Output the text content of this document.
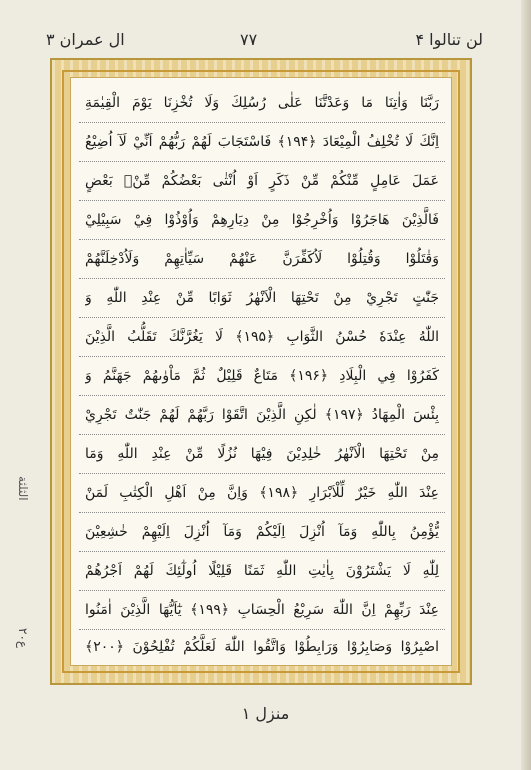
لن تنالوا ۴
۷۷
ال عمران ۳
رَبَّنَا وَاٰتِنَا مَا وَعَدْتَّنَا عَلٰى رُسُلِكَ وَلَا تُخْزِنَا يَوْمَ الْقِيٰمَةِ
اِنَّكَ لَا تُخْلِفُ الْمِيْعَادَ ﴿۱۹۴﴾ فَاسْتَجَابَ لَهُمْ رَبُّهُمْ اَنِّيْ لَآ اُضِيْعُ
عَمَلَ عَامِلٍ مِّنْكُمْ مِّنْ ذَكَرٍ اَوْ اُنْثٰى بَعْضُكُمْ مِّنْۢ بَعْضٍ
فَالَّذِيْنَ هَاجَرُوْا وَاُخْرِجُوْا مِنْ دِيَارِهِمْ وَاُوْذُوْا فِيْ سَبِيْلِيْ
وَقٰتَلُوْا وَقُتِلُوْا لَاُكَفِّرَنَّ عَنْهُمْ سَيِّاٰتِهِمْ وَلَاُدْخِلَنَّهُمْ
جَنّٰتٍ تَجْرِيْ مِنْ تَحْتِهَا الْاَنْهٰرُ ثَوَابًا مِّنْ عِنْدِ اللّٰهِ وَ
اللّٰهُ عِنْدَهٗ حُسْنُ الثَّوَابِ ﴿۱۹۵﴾ لَا يَغُرَّنَّكَ تَقَلُّبُ الَّذِيْنَ
كَفَرُوْا فِي الْبِلَادِ ﴿۱۹۶﴾ مَتَاعٌ قَلِيْلٌ ثُمَّ مَاْوٰىهُمْ جَهَنَّمُ وَ
بِئْسَ الْمِهَادُ ﴿۱۹۷﴾ لٰكِنِ الَّذِيْنَ اتَّقَوْا رَبَّهُمْ لَهُمْ جَنّٰتٌ تَجْرِيْ
مِنْ تَحْتِهَا الْاَنْهٰرُ خٰلِدِيْنَ فِيْهَا نُزُلًا مِّنْ عِنْدِ اللّٰهِ وَمَا
عِنْدَ اللّٰهِ خَيْرٌ لِّلْاَبْرَارِ ﴿۱۹۸﴾ وَاِنَّ مِنْ اَهْلِ الْكِتٰبِ لَمَنْ
يُّؤْمِنُ بِاللّٰهِ وَمَآ اُنْزِلَ اِلَيْكُمْ وَمَآ اُنْزِلَ اِلَيْهِمْ خٰشِعِيْنَ
لِلّٰهِ لَا يَشْتَرُوْنَ بِاٰيٰتِ اللّٰهِ ثَمَنًا قَلِيْلًا اُولٰٓئِكَ لَهُمْ اَجْرُهُمْ
عِنْدَ رَبِّهِمْ اِنَّ اللّٰهَ سَرِيْعُ الْحِسَابِ ﴿۱۹۹﴾ يٰٓاَيُّهَا الَّذِيْنَ اٰمَنُوا
اصْبِرُوْا وَصَابِرُوْا وَرَابِطُوْا وَاتَّقُوا اللّٰهَ لَعَلَّكُمْ تُفْلِحُوْنَ ﴿۲۰۰﴾
الثلثة
ع۲۰
منزل ۱
